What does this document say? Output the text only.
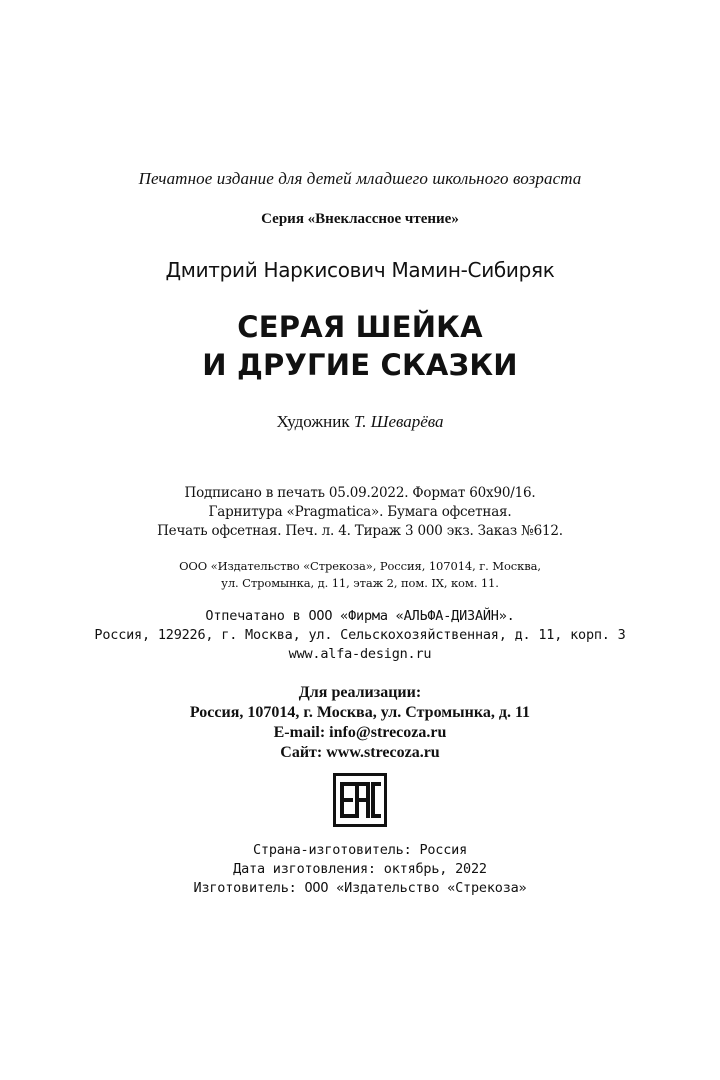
Печатное издание для детей младшего школьного возраста

Серия «Внеклассное чтение»

Дмитрий Наркисович Мамин-Сибиряк

СЕРАЯ ШЕЙКА

И ДРУГИЕ СКАЗКИ

Художник Т. Шеварёва

Подписано в печать 05.09.2022. Формат 60х90/16.

Гарнитура «Pragmatica». Бумага офсетная.

Печать офсетная. Печ. л. 4. Тираж 3 000 экз. Заказ №612.

ООО «Издательство «Стрекоза», Россия, 107014, г. Москва,

ул. Стромынка, д. 11, этаж 2, пом. IX, ком. 11.

Отпечатано в ООО «Фирма «АЛЬФА-ДИЗАЙН».

Россия, 129226, г. Москва, ул. Сельскохозяйственная, д. 11, корп. 3

www.alfa-design.ru

Для реализации:

Россия, 107014, г. Москва, ул. Стромынка, д. 11

E-mail: info@strecoza.ru

Сайт: www.strecoza.ru

Страна-изготовитель: Россия

Дата изготовления: октябрь, 2022

Изготовитель: ООО «Издательство «Стрекоза»
